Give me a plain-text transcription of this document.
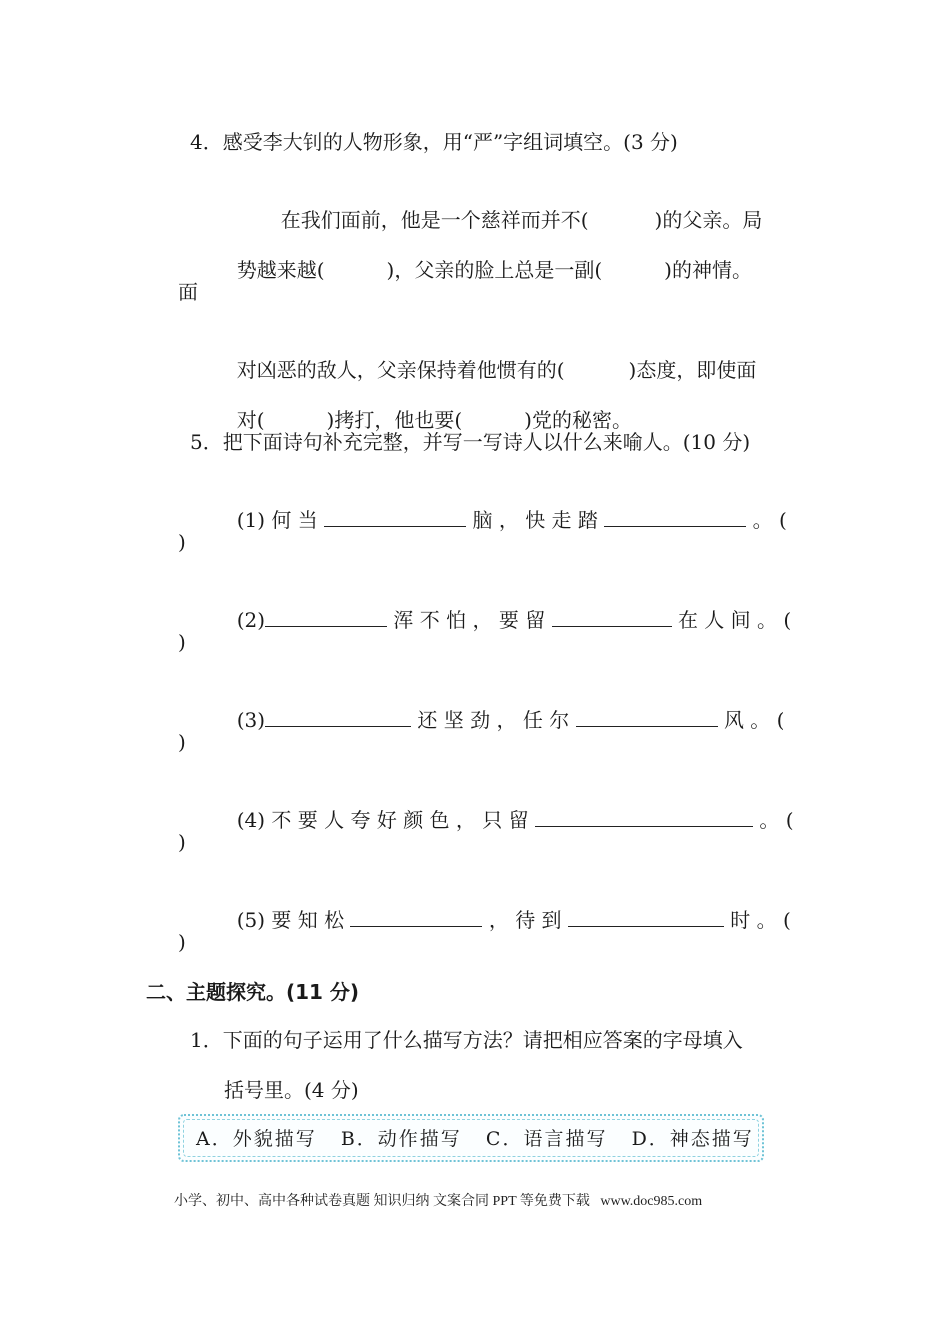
4．感受李大钊的人物形象，用“严”字组词填空。(3 分)

在我们面前，他是一个慈祥而并不(	)的父亲。局

势越来越(	)，父亲的脸上总是一副(	)的神情。

面

对凶恶的敌人，父亲保持着他惯有的(	)态度，即使面

对(	)拷打，他也要(	)党的秘密。

5．把下面诗句补充完整，并写一写诗人以什么来喻人。(10 分)

(1) 何 当	脑 ， 快 走 踏	。 (

)

(2)	浑 不 怕 ， 要 留	在 人 间 。 (

)

(3)	还 坚 劲 ， 任 尔	风 。 (

)

(4) 不 要 人 夸 好 颜 色 ， 只 留	。 (

)

(5) 要 知 松	， 待 到	时 。 (

)
二、主题探究。(11 分)
1．下面的句子运用了什么描写方法？请把相应答案的字母填入
括号里。(4 分)
A．外貌描写   B．动作描写   C．语言描写   D．神态描写
小学、初中、高中各种试卷真题 知识归纳 文案合同 PPT 等免费下载   www.doc985.com
